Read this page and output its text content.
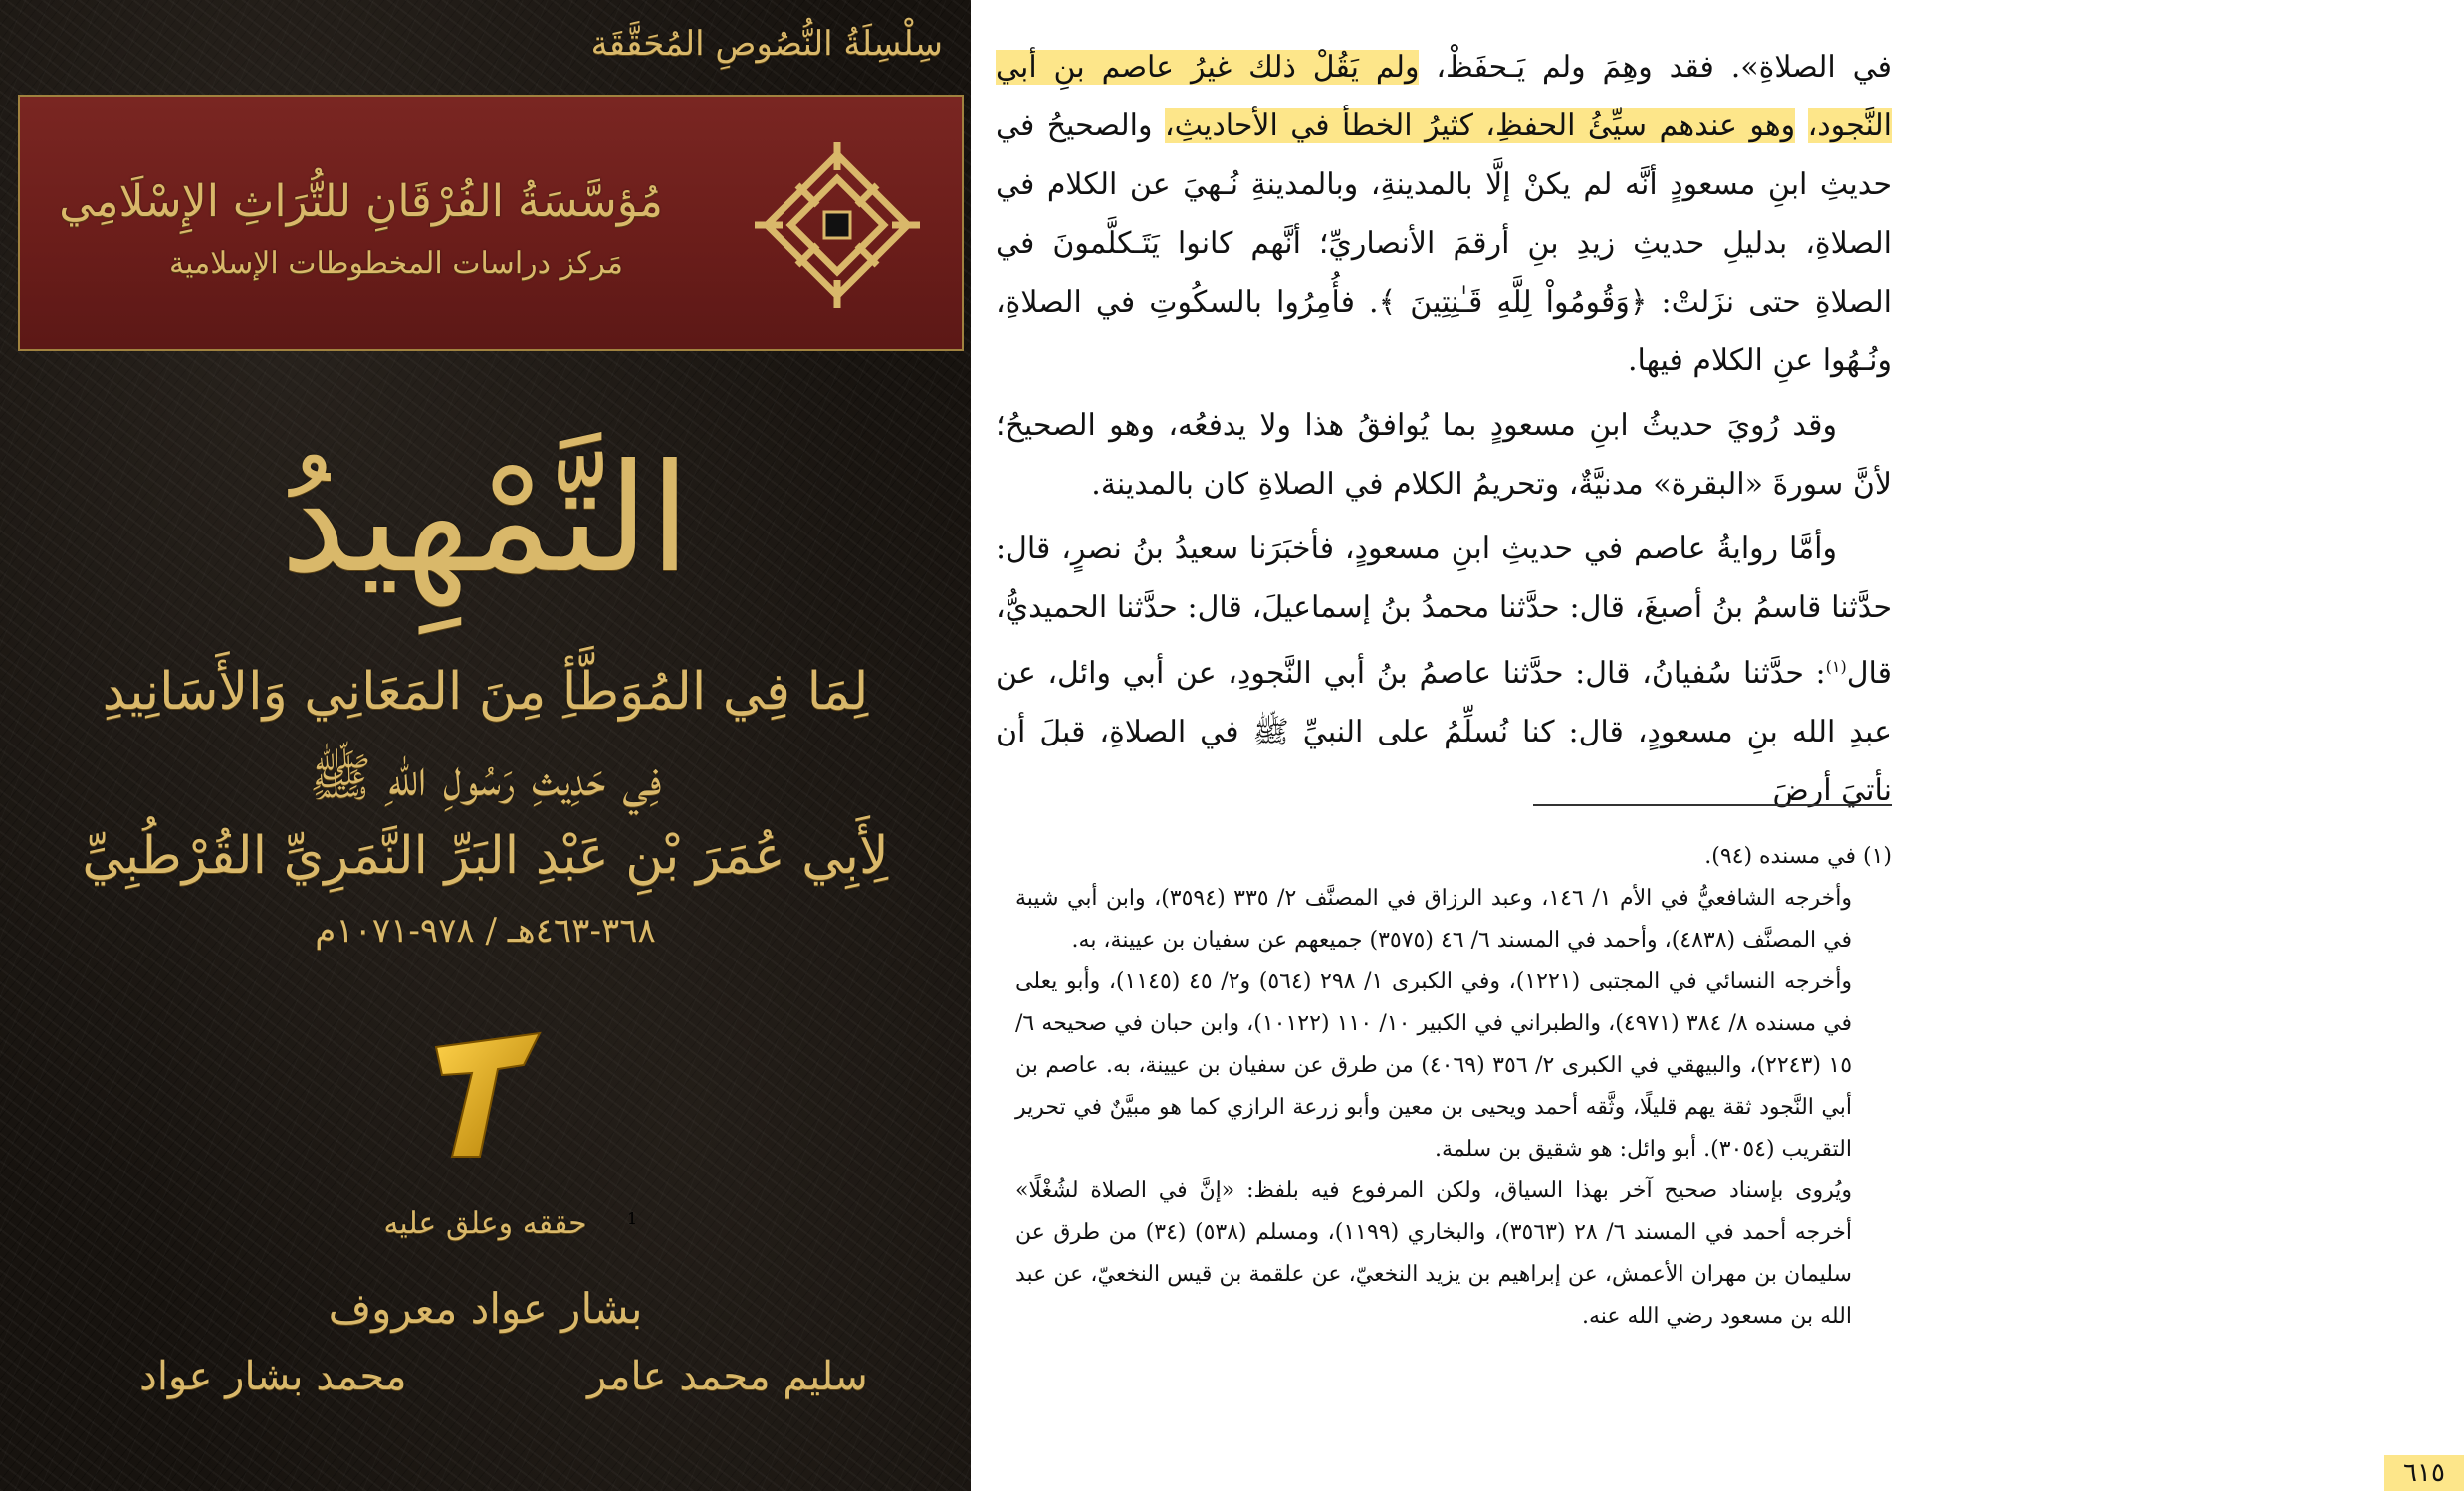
سِلْسِلَةُ النُّصُوصِ المُحَقَّقَة
مُؤسَّسَةُ الفُرْقَانِ للتُّرَاثِ الإِسْلَامِي
مَركز دراسات المخطوطات الإسلامية
التَّمْهِيدُ
لِمَا فِي المُوَطَّأِ مِنَ المَعَانِي وَالأَسَانِيدِ
فِي حَدِيثِ رَسُولِ اللهِ ﷺ
لِأَبِي عُمَرَ بْنِ عَبْدِ البَرِّ النَّمَرِيِّ القُرْطُبِيِّ
٣٦٨-٤٦٣هـ / ٩٧٨-١٠٧١م
1
حققه وعلق عليه
بشار عواد معروف
سليم محمد عامر
محمد بشار عواد

في الصلاةِ». فقد وهِمَ ولم يَـحفَظْ، ولم يَقُلْ ذلك غيرُ عاصم بنِ أبي النَّجود، وهو عندهم سيِّئُ الحفظِ، كثيرُ الخطأ في الأحاديثِ، والصحيحُ في حديثِ ابنِ مسعودٍ أنَّه لم يكنْ إلَّا بالمدينةِ، وبالمدينةِ نُـهيَ عن الكلام في الصلاةِ، بدليلِ حديثِ زيدِ بنِ أرقمَ الأنصاريِّ؛ أنَّهم كانوا يَتَـكلَّمونَ في الصلاةِ حتى نزَلتْ: ﴿وَقُومُواْ لِلَّهِ قَـٰنِتِينَ ﴾. فأُمِرُوا بالسكُوتِ في الصلاةِ، ونُـهُوا عنِ الكلام فيها.

وقد رُويَ حديثُ ابنِ مسعودٍ بما يُوافقُ هذا ولا يدفعُه، وهو الصحيحُ؛ لأنَّ سورةَ «البقرة» مدنيَّةٌ، وتحريمُ الكلام في الصلاةِ كان بالمدينة.

وأمَّا روايةُ عاصم في حديثِ ابنِ مسعودٍ، فأخبَرَنا سعيدُ بنُ نصرٍ، قال: حدَّثنا قاسمُ بنُ أصبغَ، قال: حدَّثنا محمدُ بنُ إسماعيلَ، قال: حدَّثنا الحميديُّ، قال$^{(١)}$: حدَّثنا سُفيانُ، قال: حدَّثنا عاصمُ بنُ أبي النَّجودِ، عن أبي وائل، عن عبدِ الله بنِ مسعودٍ، قال: كنا نُسلِّمُ على النبيِّ ﷺ في الصلاةِ، قبلَ أن نأتيَ أرضَ

(١) في مسنده (٩٤).

وأخرجه الشافعيُّ في الأم ١/ ١٤٦، وعبد الرزاق في المصنَّف ٢/ ٣٣٥ (٣٥٩٤)، وابن أبي شيبة في المصنَّف (٤٨٣٨)، وأحمد في المسند ٦/ ٤٦ (٣٥٧٥) جميعهم عن سفيان بن عيينة، به.

وأخرجه النسائي في المجتبى (١٢٢١)، وفي الكبرى ١/ ٢٩٨ (٥٦٤) و٢/ ٤٥ (١١٤٥)، وأبو يعلى في مسنده ٨/ ٣٨٤ (٤٩٧١)، والطبراني في الكبير ١٠/ ١١٠ (١٠١٢٢)، وابن حبان في صحيحه ٦/ ١٥ (٢٢٤٣)، والبيهقي في الكبرى ٢/ ٣٥٦ (٤٠٦٩) من طرق عن سفيان بن عيينة، به. عاصم بن أبي النَّجود ثقة يهم قليلًا، وثَّقه أحمد ويحيى بن معين وأبو زرعة الرازي كما هو مبيَّنٌ في تحرير التقريب (٣٠٥٤). أبو وائل: هو شقيق بن سلمة.

ويُروى بإسناد صحيح آخر بهذا السياق، ولكن المرفوع فيه بلفظ: «إنَّ في الصلاة لشُغْلًا» أخرجه أحمد في المسند ٦/ ٢٨ (٣٥٦٣)، والبخاري (١١٩٩)، ومسلم (٥٣٨) (٣٤) من طرق عن سليمان بن مهران الأعمش، عن إبراهيم بن يزيد النخعيّ، عن علقمة بن قيس النخعيّ، عن عبد الله بن مسعود رضي الله عنه.

٦١٥
